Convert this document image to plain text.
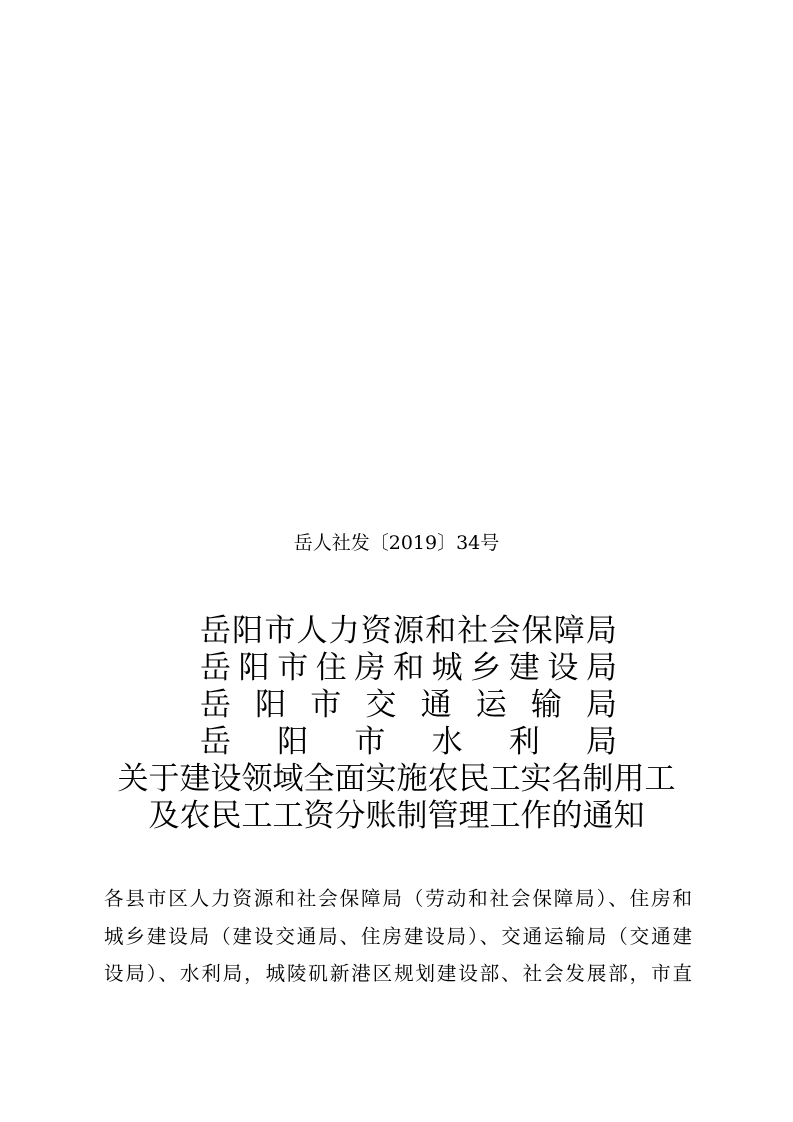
岳人社发〔2019〕34号
岳 阳 市 人 力 资 源 和 社 会 保 障 局
岳 阳 市 住 房 和 城 乡 建 设 局
岳 阳 市 交 通 运 输 局
岳 阳 市 水 利 局
关于建设领域全面实施农民工实名制用工
及农民工工资分账制管理工作的通知
各县市区人力资源和社会保障局（劳动和社会保障局）、住房和
城乡建设局（建设交通局、住房建设局）、交通运输局（交通建
设局）、水利局，城陵矶新港区规划建设部、社会发展部，市直
